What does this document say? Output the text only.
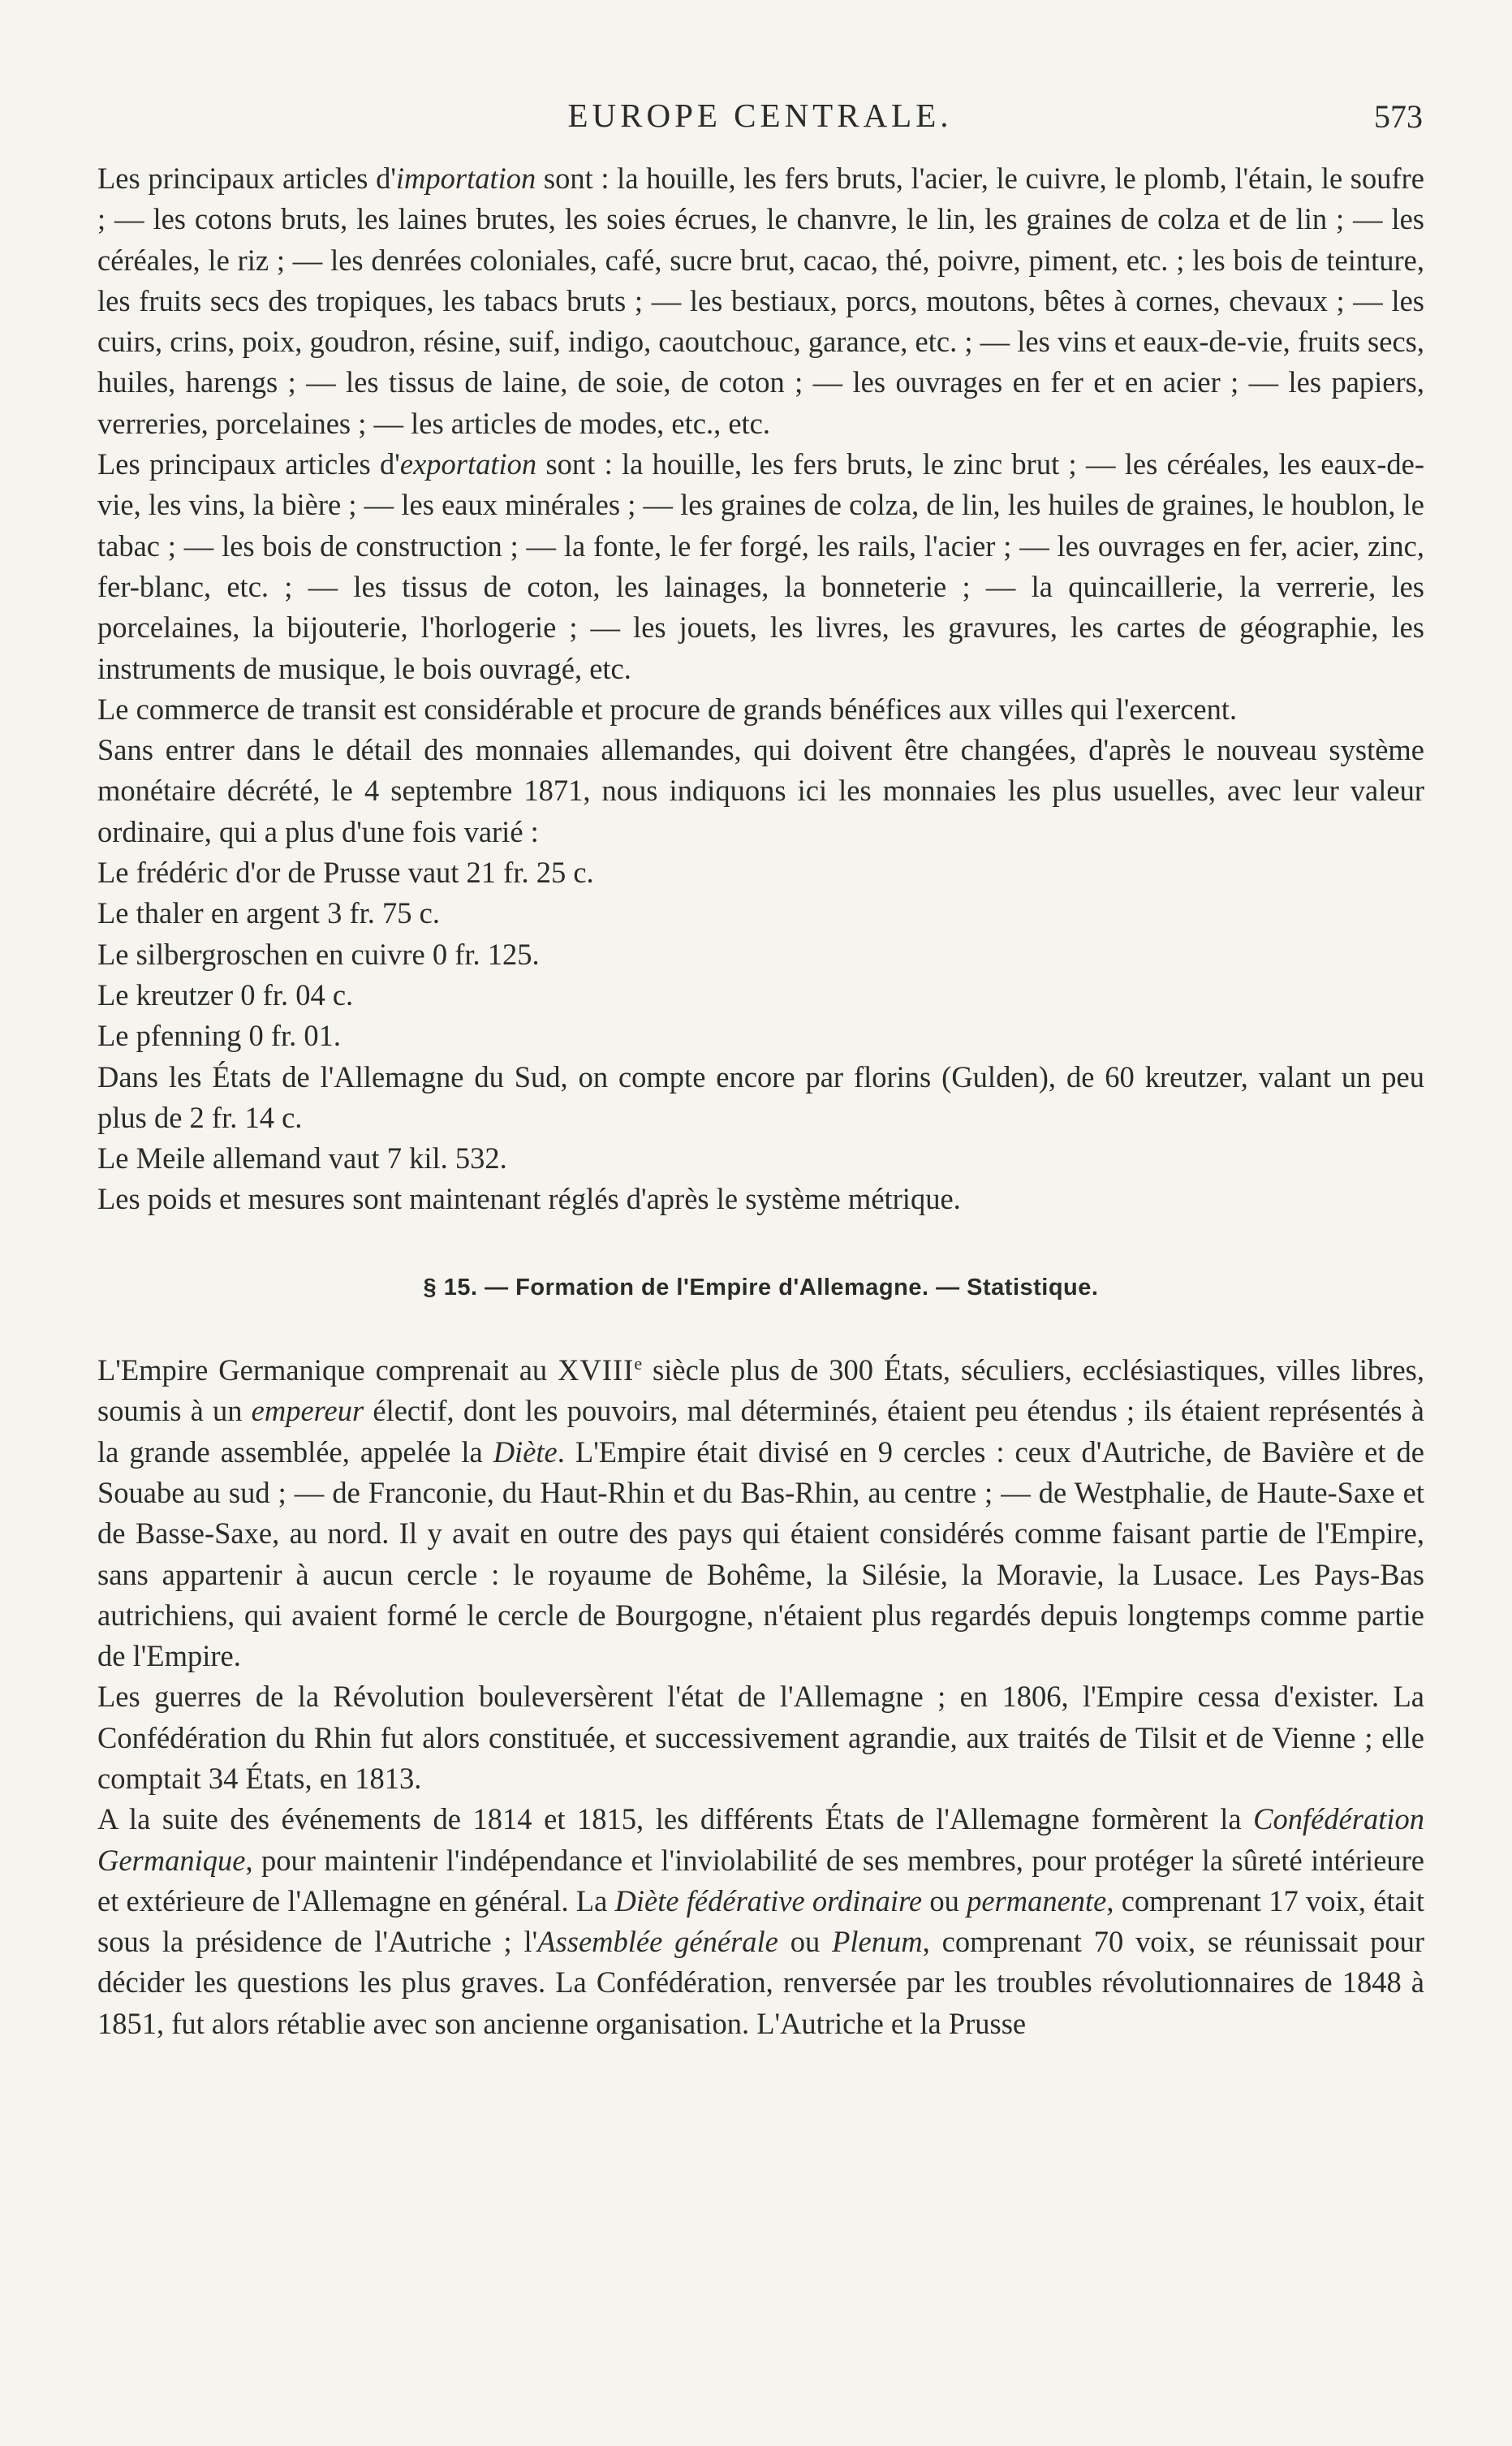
EUROPE CENTRALE.	573

Les principaux articles d'importation sont : la houille, les fers bruts, l'acier, le cuivre, le plomb, l'étain, le soufre ; — les cotons bruts, les laines brutes, les soies écrues, le chanvre, le lin, les graines de colza et de lin ; — les céréales, le riz ; — les denrées coloniales, café, sucre brut, cacao, thé, poivre, piment, etc. ; les bois de teinture, les fruits secs des tropiques, les tabacs bruts ; — les bestiaux, porcs, moutons, bêtes à cornes, chevaux ; — les cuirs, crins, poix, goudron, résine, suif, indigo, caoutchouc, garance, etc. ; — les vins et eaux-de-vie, fruits secs, huiles, harengs ; — les tissus de laine, de soie, de coton ; — les ouvrages en fer et en acier ; — les papiers, verreries, porcelaines ; — les articles de modes, etc., etc.

Les principaux articles d'exportation sont : la houille, les fers bruts, le zinc brut ; — les céréales, les eaux-de-vie, les vins, la bière ; — les eaux minérales ; — les graines de colza, de lin, les huiles de graines, le houblon, le tabac ; — les bois de construction ; — la fonte, le fer forgé, les rails, l'acier ; — les ouvrages en fer, acier, zinc, fer-blanc, etc. ; — les tissus de coton, les lainages, la bonneterie ; — la quincaillerie, la verrerie, les porcelaines, la bijouterie, l'horlogerie ; — les jouets, les livres, les gravures, les cartes de géographie, les instruments de musique, le bois ouvragé, etc.

Le commerce de transit est considérable et procure de grands bénéfices aux villes qui l'exercent.

Sans entrer dans le détail des monnaies allemandes, qui doivent être changées, d'après le nouveau système monétaire décrété, le 4 septembre 1871, nous indiquons ici les monnaies les plus usuelles, avec leur valeur ordinaire, qui a plus d'une fois varié :

Le frédéric d'or de Prusse vaut 21 fr. 25 c.

Le thaler en argent 3 fr. 75 c.

Le silbergroschen en cuivre 0 fr. 125.

Le kreutzer 0 fr. 04 c.

Le pfenning 0 fr. 01.

Dans les États de l'Allemagne du Sud, on compte encore par florins (Gulden), de 60 kreutzer, valant un peu plus de 2 fr. 14 c.

Le Meile allemand vaut 7 kil. 532.

Les poids et mesures sont maintenant réglés d'après le système métrique.

§ 15. — Formation de l'Empire d'Allemagne. — Statistique.

L'Empire Germanique comprenait au XVIIIe siècle plus de 300 États, séculiers, ecclésiastiques, villes libres, soumis à un empereur électif, dont les pouvoirs, mal déterminés, étaient peu étendus ; ils étaient représentés à la grande assemblée, appelée la Diète. L'Empire était divisé en 9 cercles : ceux d'Autriche, de Bavière et de Souabe au sud ; — de Franconie, du Haut-Rhin et du Bas-Rhin, au centre ; — de Westphalie, de Haute-Saxe et de Basse-Saxe, au nord. Il y avait en outre des pays qui étaient considérés comme faisant partie de l'Empire, sans appartenir à aucun cercle : le royaume de Bohême, la Silésie, la Moravie, la Lusace. Les Pays-Bas autrichiens, qui avaient formé le cercle de Bourgogne, n'étaient plus regardés depuis longtemps comme partie de l'Empire.

Les guerres de la Révolution bouleversèrent l'état de l'Allemagne ; en 1806, l'Empire cessa d'exister. La Confédération du Rhin fut alors constituée, et successivement agrandie, aux traités de Tilsit et de Vienne ; elle comptait 34 États, en 1813.

A la suite des événements de 1814 et 1815, les différents États de l'Allemagne formèrent la Confédération Germanique, pour maintenir l'indépendance et l'inviolabilité de ses membres, pour protéger la sûreté intérieure et extérieure de l'Allemagne en général. La Diète fédérative ordinaire ou permanente, comprenant 17 voix, était sous la présidence de l'Autriche ; l'Assemblée générale ou Plenum, comprenant 70 voix, se réunissait pour décider les questions les plus graves. La Confédération, renversée par les troubles révolutionnaires de 1848 à 1851, fut alors rétablie avec son ancienne organisation. L'Autriche et la Prusse
